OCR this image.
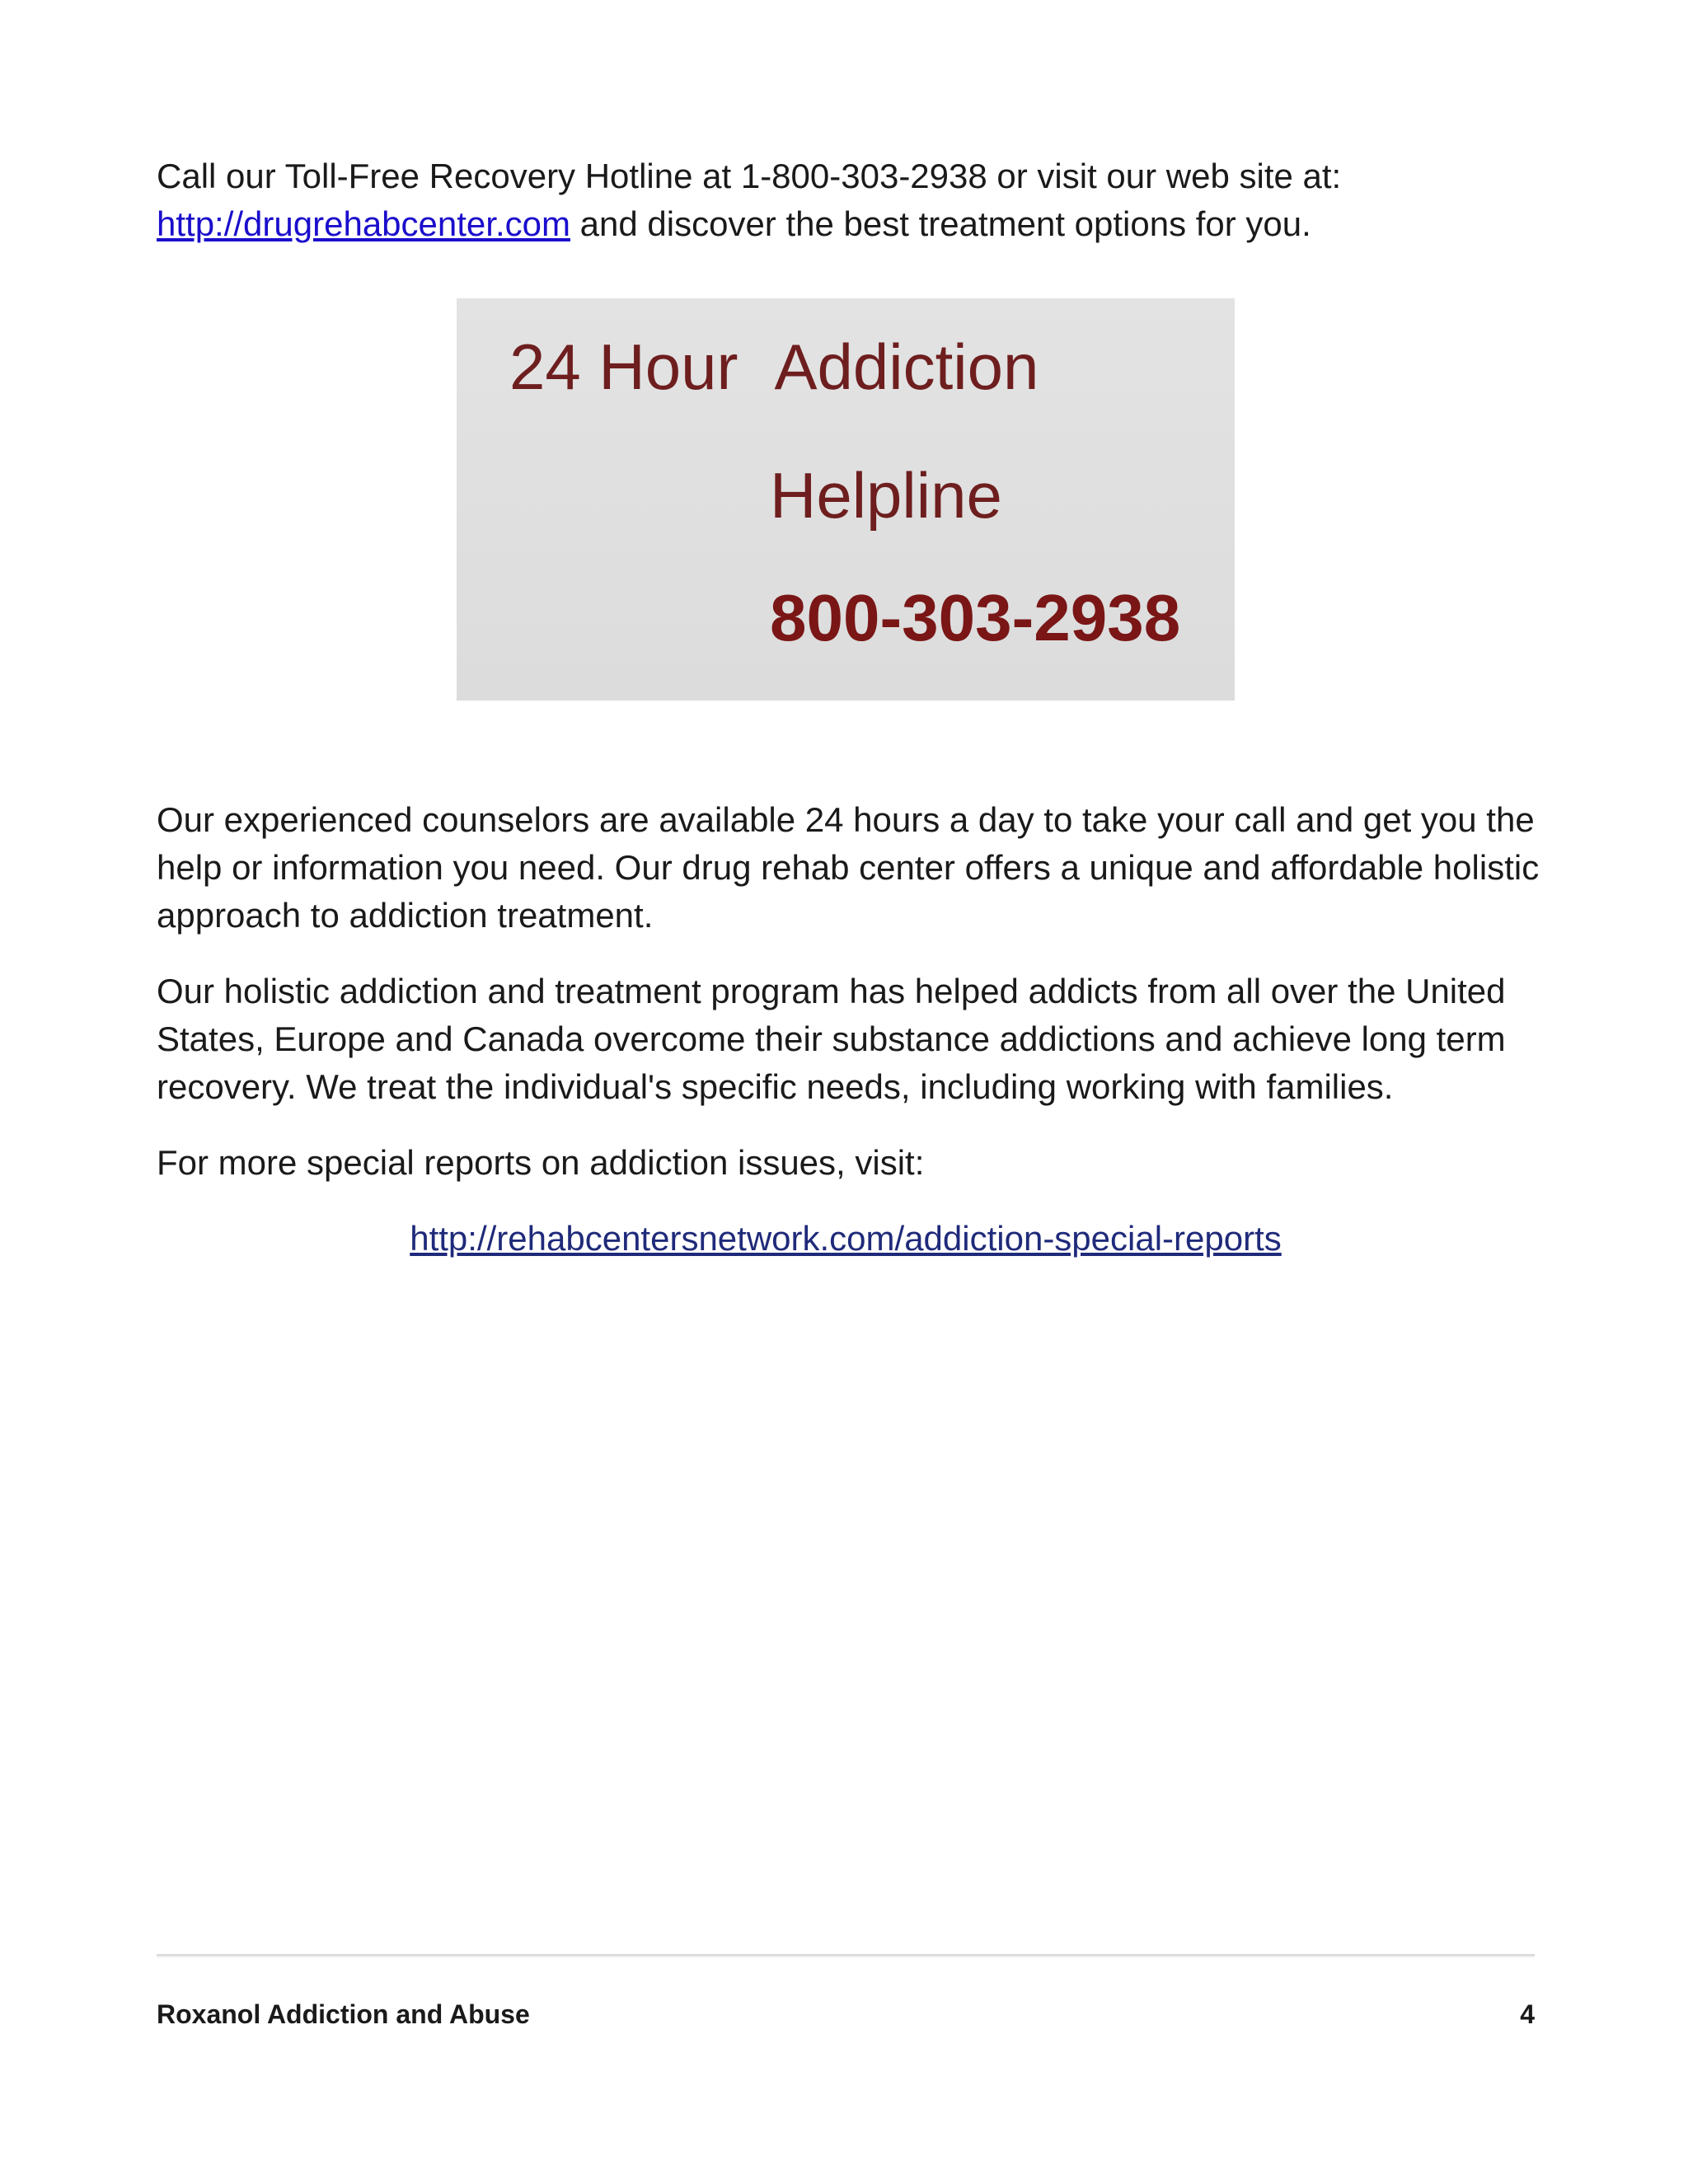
Call our Toll-Free Recovery Hotline at 1-800-303-2938 or visit our web site at:
http://drugrehabcenter.com and discover the best treatment options for you.

24 Hour Addiction
Helpline
800-303-2938

Our experienced counselors are available 24 hours a day to take your call and get you the help or information you need. Our drug rehab center offers a unique and affordable holistic approach to addiction treatment.

Our holistic addiction and treatment program has helped addicts from all over the United States, Europe and Canada overcome their substance addictions and achieve long term recovery. We treat the individual's specific needs, including working with families.

For more special reports on addiction issues, visit:

http://rehabcentersnetwork.com/addiction-special-reports

Roxanol Addiction and Abuse	4
